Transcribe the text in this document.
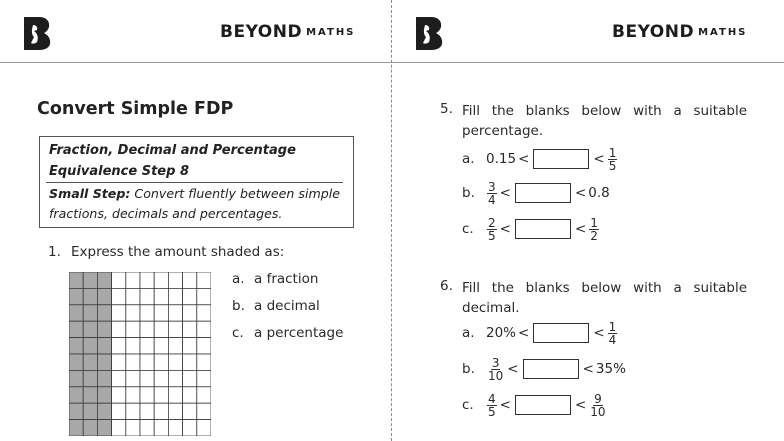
BEYOND MATHS	BEYOND MATHS
Convert Simple FDP
Fraction, Decimal and Percentage Equivalence Step 8
Small Step: Convert fluently between simple fractions, decimals and percentages.
1. Express the amount shaded as:
a. a fraction
b. a decimal
c. a percentage
5. Fill the blanks below with a suitable percentage.
a. 0.15 <	< $\frac{1}{5}$
b.	$\frac{3}{4}$ <	< 0.8
c.	$\frac{2}{5}$ <	< $\frac{1}{2}$
6. Fill the blanks below with a suitable decimal.
a. 20% <	< $\frac{1}{4}$
b.	$\frac{3}{10}$ <	< 35%
c.	$\frac{4}{5}$ <	< $\frac{9}{10}$
